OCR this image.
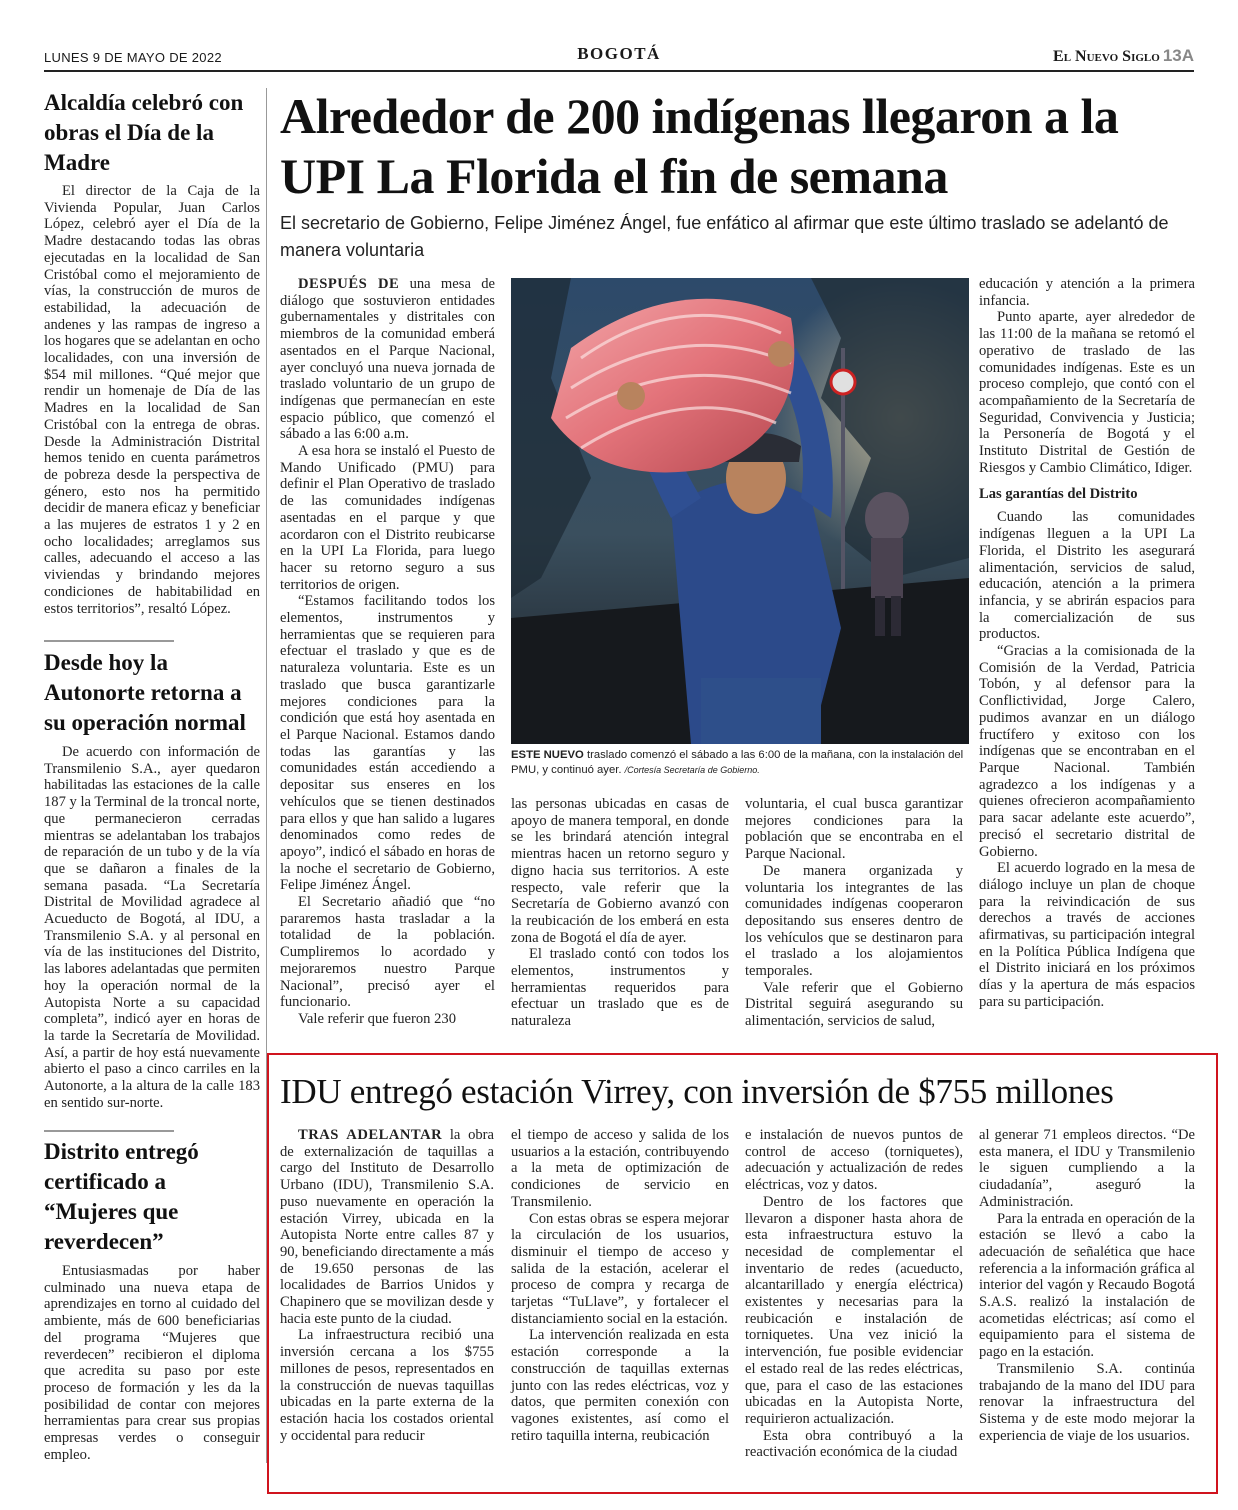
LUNES 9 DE MAYO DE 2022	BOGOTÁ	El Nuevo Siglo 13A
Alcaldía celebró con obras el Día de la Madre

El director de la Caja de la Vivienda Popular, Juan Carlos López, celebró ayer el Día de la Madre destacando todas las obras ejecutadas en la localidad de San Cristóbal como el mejoramiento de vías, la construcción de muros de estabilidad, la adecuación de andenes y las rampas de ingreso a los hogares que se adelantan en ocho localidades, con una inversión de $54 mil millones. “Qué mejor que rendir un homenaje de Día de las Madres en la localidad de San Cristóbal con la entrega de obras. Desde la Administración Distrital hemos tenido en cuenta parámetros de pobreza desde la perspectiva de género, esto nos ha permitido decidir de manera eficaz y beneficiar a las mujeres de estratos 1 y 2 en ocho localidades; arreglamos sus calles, adecuando el acceso a las viviendas y brindando mejores condiciones de habitabilidad en estos territorios”, resaltó López.

Desde hoy la Autonorte retorna a su operación normal

De acuerdo con información de Transmilenio S.A., ayer quedaron habilitadas las estaciones de la calle 187 y la Terminal de la troncal norte, que permanecieron cerradas mientras se adelantaban los trabajos de reparación de un tubo y de la vía que se dañaron a finales de la semana pasada. “La Secretaría Distrital de Movilidad agradece al Acueducto de Bogotá, al IDU, a Transmilenio S.A. y al personal en vía de las instituciones del Distrito, las labores adelantadas que permiten hoy la operación normal de la Autopista Norte a su capacidad completa”, indicó ayer en horas de la tarde la Secretaría de Movilidad. Así, a partir de hoy está nuevamente abierto el paso a cinco carriles en la Autonorte, a la altura de la calle 183 en sentido sur-norte.

Distrito entregó certificado a “Mujeres que reverdecen”

Entusiasmadas por haber culminado una nueva etapa de aprendizajes en torno al cuidado del ambiente, más de 600 beneficiarias del programa “Mujeres que reverdecen” recibieron el diploma que acredita su paso por este proceso de formación y les da la posibilidad de contar con mejores herramientas para crear sus propias empresas verdes o conseguir empleo.

Alrededor de 200 indígenas llegaron a la UPI La Florida el fin de semana
El secretario de Gobierno, Felipe Jiménez Ángel, fue enfático al afirmar que este último traslado se adelantó de manera voluntaria

DESPUÉS DE una mesa de diálogo que sostuvieron entidades gubernamentales y distritales con miembros de la comunidad emberá asentados en el Parque Nacional, ayer concluyó una nueva jornada de traslado voluntario de un grupo de indígenas que permanecían en este espacio público, que comenzó el sábado a las 6:00 a.m.

A esa hora se instaló el Puesto de Mando Unificado (PMU) para definir el Plan Operativo de traslado de las comunidades indígenas asentadas en el parque y que acordaron con el Distrito reubicarse en la UPI La Florida, para luego hacer su retorno seguro a sus territorios de origen.

“Estamos facilitando todos los elementos, instrumentos y herramientas que se requieren para efectuar el traslado y que es de naturaleza voluntaria. Este es un traslado que busca garantizarle mejores condiciones para la condición que está hoy asentada en el Parque Nacional. Estamos dando todas las garantías y las comunidades están accediendo a depositar sus enseres en los vehículos que se tienen destinados para ellos y que han salido a lugares denominados como redes de apoyo”, indicó el sábado en horas de la noche el secretario de Gobierno, Felipe Jiménez Ángel.

El Secretario añadió que “no pararemos hasta trasladar a la totalidad de la población. Cumpliremos lo acordado y mejoraremos nuestro Parque Nacional”, precisó ayer el funcionario.

Vale referir que fueron 230

ESTE NUEVO traslado comenzó el sábado a las 6:00 de la mañana, con la instalación del PMU, y continuó ayer. /Cortesía Secretaría de Gobierno.

las personas ubicadas en casas de apoyo de manera temporal, en donde se les brindará atención integral mientras hacen un retorno seguro y digno hacia sus territorios. A este respecto, vale referir que la Secretaría de Gobierno avanzó con la reubicación de los emberá en esta zona de Bogotá el día de ayer.

El traslado contó con todos los elementos, instrumentos y herramientas requeridos para efectuar un traslado que es de naturaleza

voluntaria, el cual busca garantizar mejores condiciones para la población que se encontraba en el Parque Nacional.

De manera organizada y voluntaria los integrantes de las comunidades indígenas cooperaron depositando sus enseres dentro de los vehículos que se destinaron para el traslado a los alojamientos temporales.

Vale referir que el Gobierno Distrital seguirá asegurando su alimentación, servicios de salud,

educación y atención a la primera infancia.

Punto aparte, ayer alrededor de las 11:00 de la mañana se retomó el operativo de traslado de las comunidades indígenas. Este es un proceso complejo, que contó con el acompañamiento de la Secretaría de Seguridad, Convivencia y Justicia; la Personería de Bogotá y el Instituto Distrital de Gestión de Riesgos y Cambio Climático, Idiger.

Las garantías del Distrito

Cuando las comunidades indígenas lleguen a la UPI La Florida, el Distrito les asegurará alimentación, servicios de salud, educación, atención a la primera infancia, y se abrirán espacios para la comercialización de sus productos.

“Gracias a la comisionada de la Comisión de la Verdad, Patricia Tobón, y al defensor para la Conflictividad, Jorge Calero, pudimos avanzar en un diálogo fructífero y exitoso con los indígenas que se encontraban en el Parque Nacional. También agradezco a los indígenas y a quienes ofrecieron acompañamiento para sacar adelante este acuerdo”, precisó el secretario distrital de Gobierno.

El acuerdo logrado en la mesa de diálogo incluye un plan de choque para la reivindicación de sus derechos a través de acciones afirmativas, su participación integral en la Política Pública Indígena que el Distrito iniciará en los próximos días y la apertura de más espacios para su participación.

IDU entregó estación Virrey, con inversión de $755 millones

TRAS ADELANTAR la obra de externalización de taquillas a cargo del Instituto de Desarrollo Urbano (IDU), Transmilenio S.A. puso nuevamente en operación la estación Virrey, ubicada en la Autopista Norte entre calles 87 y 90, beneficiando directamente a más de 19.650 personas de las localidades de Barrios Unidos y Chapinero que se movilizan desde y hacia este punto de la ciudad.

La infraestructura recibió una inversión cercana a los $755 millones de pesos, representados en la construcción de nuevas taquillas ubicadas en la parte externa de la estación hacia los costados oriental y occidental para reducir

el tiempo de acceso y salida de los usuarios a la estación, contribuyendo a la meta de optimización de condiciones de servicio en Transmilenio.

Con estas obras se espera mejorar la circulación de los usuarios, disminuir el tiempo de acceso y salida de la estación, acelerar el proceso de compra y recarga de tarjetas “TuLlave”, y fortalecer el distanciamiento social en la estación.

La intervención realizada en esta estación corresponde a la construcción de taquillas externas junto con las redes eléctricas, voz y datos, que permiten conexión con vagones existentes, así como el retiro taquilla interna, reubicación

e instalación de nuevos puntos de control de acceso (torniquetes), adecuación y actualización de redes eléctricas, voz y datos.

Dentro de los factores que llevaron a disponer hasta ahora de esta infraestructura estuvo la necesidad de complementar el inventario de redes (acueducto, alcantarillado y energía eléctrica) existentes y necesarias para la reubicación e instalación de torniquetes. Una vez inició la intervención, fue posible evidenciar el estado real de las redes eléctricas, que, para el caso de las estaciones ubicadas en la Autopista Norte, requirieron actualización.

Esta obra contribuyó a la reactivación económica de la ciudad

al generar 71 empleos directos. “De esta manera, el IDU y Transmilenio le siguen cumpliendo a la ciudadanía”, aseguró la Administración.

Para la entrada en operación de la estación se llevó a cabo la adecuación de señalética que hace referencia a la información gráfica al interior del vagón y Recaudo Bogotá S.A.S. realizó la instalación de acometidas eléctricas; así como el equipamiento para el sistema de pago en la estación.

Transmilenio S.A. continúa trabajando de la mano del IDU para renovar la infraestructura del Sistema y de este modo mejorar la experiencia de viaje de los usuarios.
